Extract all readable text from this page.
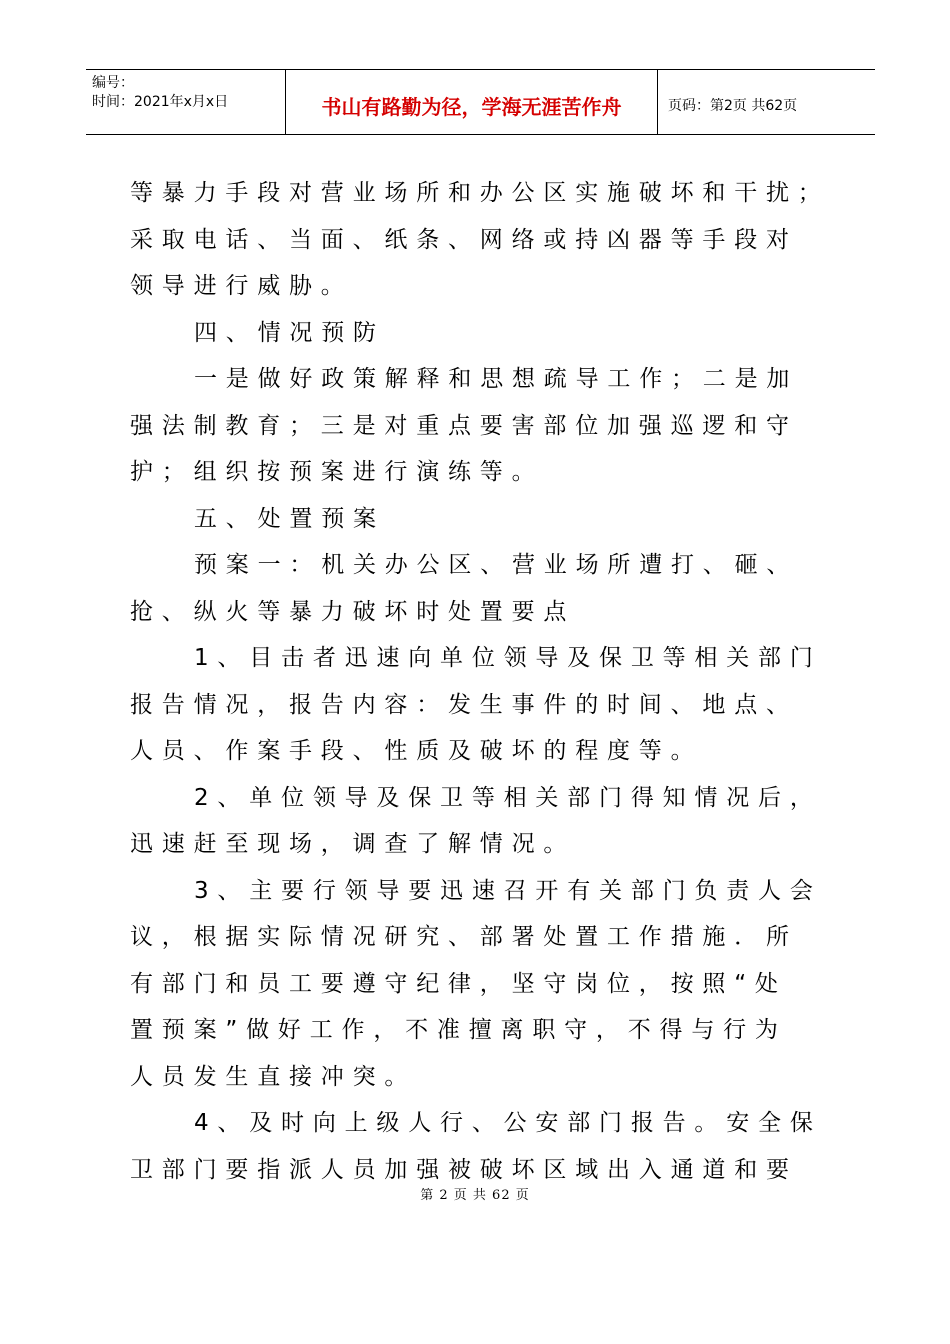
编号：
时间：2021年x月x日	书山有路勤为径，学海无涯苦作舟	页码：第2页 共62页

等暴力手段对营业场所和办公区实施破坏和干扰；

采取电话、当面、纸条、网络或持凶器等手段对

领导进行威胁。

四、情况预防

一是做好政策解释和思想疏导工作；二是加

强法制教育；三是对重点要害部位加强巡逻和守

护；组织按预案进行演练等。

五、处置预案

预案一：机关办公区、营业场所遭打、砸、

抢、纵火等暴力破坏时处置要点

1、目击者迅速向单位领导及保卫等相关部门

报告情况，报告内容：发生事件的时间、地点、

人员、作案手段、性质及破坏的程度等。

2、单位领导及保卫等相关部门得知情况后，

迅速赶至现场，调查了解情况。

3、主要行领导要迅速召开有关部门负责人会

议，根据实际情况研究、部署处置工作措施．所

有部门和员工要遵守纪律，坚守岗位，按照“处

置预案”做好工作，不准擅离职守，不得与行为

人员发生直接冲突。

4、及时向上级人行、公安部门报告。安全保

卫部门要指派人员加强被破坏区域出入通道和要

第 2 页 共 62 页
